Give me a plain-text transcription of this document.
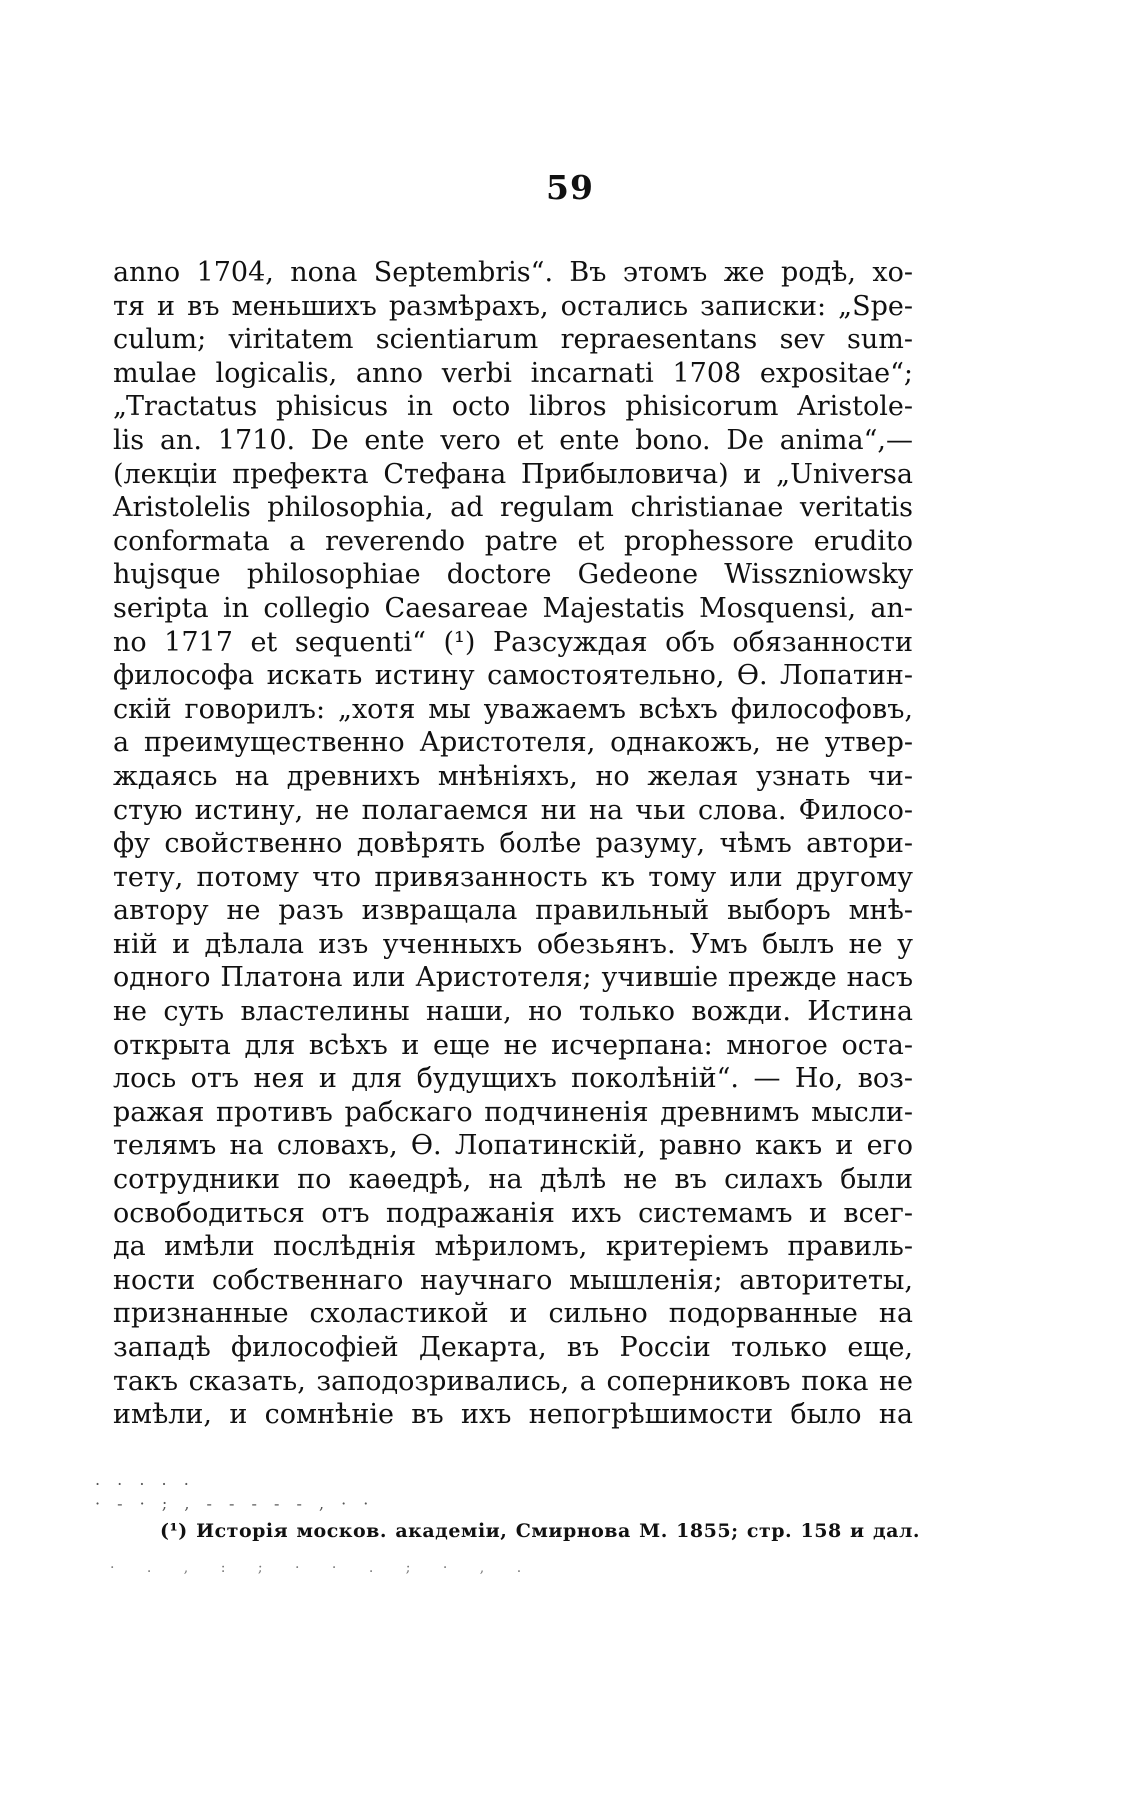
59
anno 1704, nona Septembris“. Въ этомъ же родѣ, хо-
тя и въ меньшихъ размѣрахъ, остались записки: „Spe-
culum; viritatem scientiarum repraesentans sev sum-
mulae logicalis, anno verbi incarnati 1708 expositae“;
„Tractatus phisicus in octo libros phisicorum Aristole-
lis an. 1710. De ente vero et ente bono. De anima“,—
(лекціи префекта Стефана Прибыловича) и „Universa
Aristolelis philosophia, ad regulam christianae veritatis
conformata a reverendo patre et prophessore erudito
hujsque philosophiae doctore Gedeone Wissznіowsky
seripta in collegio Caesareae Majestatis Mosquensi, an-
no 1717 et sequenti“ (¹) Разсуждая объ обязанности
философа искать истину самостоятельно, Ѳ. Лопатин-
скій говорилъ: „хотя мы уважаемъ всѣхъ философовъ,
а преимущественно Аристотеля, однакожъ, не утвер-
ждаясь на древнихъ мнѣніяхъ, но желая узнать чи-
стую истину, не полагаемся ни на чьи слова. Филосо-
фу свойственно довѣрять болѣе разуму, чѣмъ автори-
тету, потому что привязанность къ тому или другому
автору не разъ извращала правильный выборъ мнѣ-
ній и дѣлала изъ ученныхъ обезьянъ. Умъ былъ не у
одного Платона или Аристотеля; учившіе прежде насъ
не суть властелины наши, но только вожди. Истина
открыта для всѣхъ и еще не исчерпана: многое оста-
лось отъ нея и для будущихъ поколѣній“. — Но, воз-
ражая противъ рабскаго подчиненія древнимъ мысли-
телямъ на словахъ, Ѳ. Лопатинскій, равно какъ и его
сотрудники по каѳедрѣ, на дѣлѣ не въ силахъ были
освободиться отъ подражанія ихъ системамъ и всег-
да имѣли послѣднія мѣриломъ, критеріемъ правиль-
ности собственнаго научнаго мышленія; авторитеты,
признанные схоластикой и сильно подорванные на
западѣ философіей Декарта, въ Россіи только еще,
такъ сказать, заподозривались, а соперниковъ пока не
имѣли, и сомнѣніе въ ихъ непогрѣшимости было на
. . . . .
· ‑ · ; , ‑ ‑ ‑ ‑ ‑ , · ·
(¹) Исторія москов. академіи, Смирнова М. 1855; стр. 158 и дал.
· . , : ; · · . ; · , .
